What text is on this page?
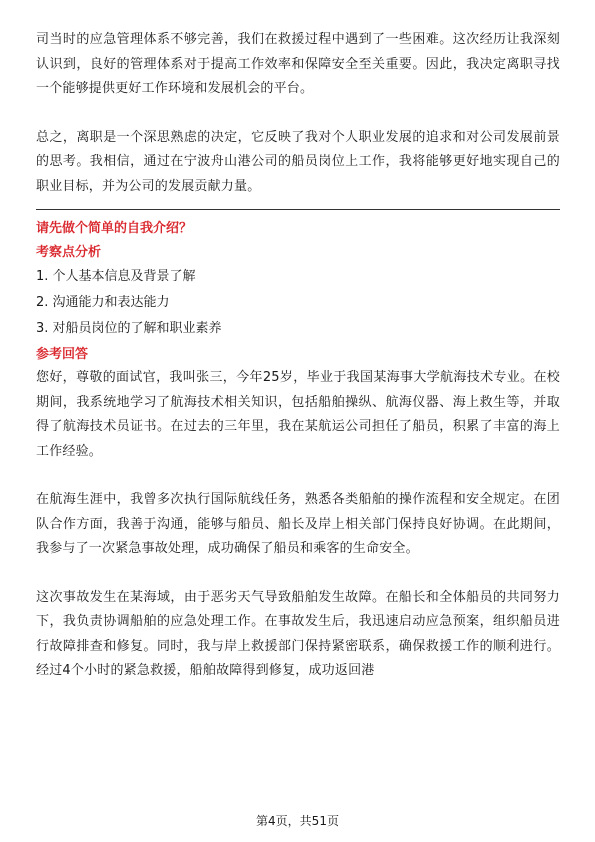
司当时的应急管理体系不够完善，我们在救援过程中遇到了一些困难。这次经历让我深刻认识到，良好的管理体系对于提高工作效率和保障安全至关重要。因此，我决定离职寻找一个能够提供更好工作环境和发展机会的平台。

总之，离职是一个深思熟虑的决定，它反映了我对个人职业发展的追求和对公司发展前景的思考。我相信，通过在宁波舟山港公司的船员岗位上工作，我将能够更好地实现自己的职业目标，并为公司的发展贡献力量。

请先做个简单的自我介绍？

考察点分析

1. 个人基本信息及背景了解

2. 沟通能力和表达能力

3. 对船员岗位的了解和职业素养

参考回答

您好，尊敬的面试官，我叫张三，今年25岁，毕业于我国某海事大学航海技术专业。在校期间，我系统地学习了航海技术相关知识，包括船舶操纵、航海仪器、海上救生等，并取得了航海技术员证书。在过去的三年里，我在某航运公司担任了船员，积累了丰富的海上工作经验。

在航海生涯中，我曾多次执行国际航线任务，熟悉各类船舶的操作流程和安全规定。在团队合作方面，我善于沟通，能够与船员、船长及岸上相关部门保持良好协调。在此期间，我参与了一次紧急事故处理，成功确保了船员和乘客的生命安全。

这次事故发生在某海域，由于恶劣天气导致船舶发生故障。在船长和全体船员的共同努力下，我负责协调船舶的应急处理工作。在事故发生后，我迅速启动应急预案，组织船员进行故障排查和修复。同时，我与岸上救援部门保持紧密联系，确保救援工作的顺利进行。经过4个小时的紧急救援，船舶故障得到修复，成功返回港

第4页，共51页
